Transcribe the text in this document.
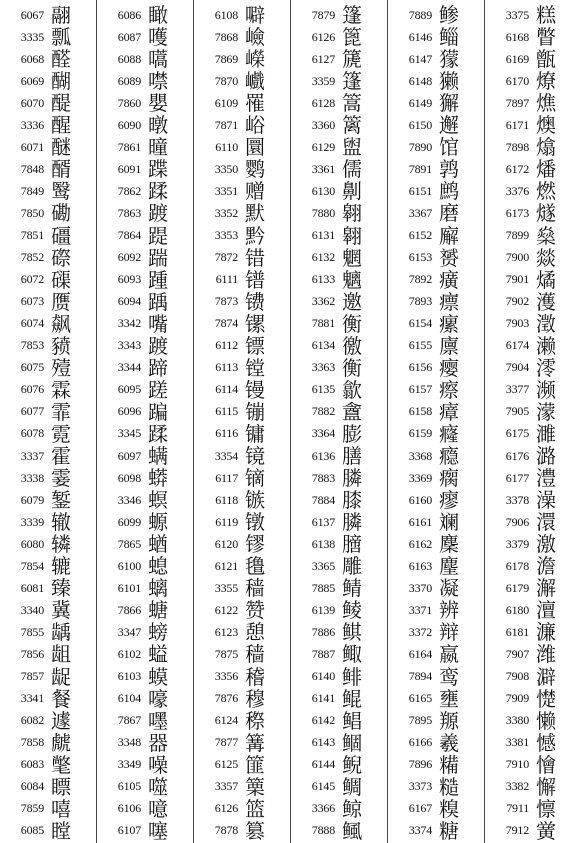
6067 翮
3335 瓢
6068 醛
6069 醐
6070 醍
3336 醒
6071 醚
7848 醑
7849 鹥
7850 磡
7851 礓
7852 磜
6072 磲
6073 赝
6074 飙
7853 豮
6075 殪
6076 霖
6077 霏
6078 霓
3337 霍
3338 霎
6079 錾
3339 辙
6080 辚
7854 辘
6081 臻
3340 冀
7855 龋
7856 龃
7857 龊
3341 餐
6082 遽
7858 虤
6083 氅
6084 瞟
7859 嘻
6085 瞠
6086 瞰
6087 嚄
6088 嚆
6089 噤
7860 嬰
6090 暾
7861 曈
6091 蹀
7862 蹂
7863 踱
7864 踶
6092 踹
6093 踵
6094 踽
3342 嘴
3343 踱
3344 蹄
6095 蹉
6096 蹁
3345 蹂
6097 螨
6098 蟒
3346 螟
6099 螈
7865 蝤
6100 螅
6101 螭
7866 螗
3347 螃
6102 螠
6103 蟆
6104 嚎
7867 嚜
3348 器
3349 噪
6105 噬
6106 噫
6107 噻
6108 噼
7868 嶮
7869 嶸
7870 巇
6109 罹
7871 峪
6110 圜
3350 鹦
3351 赠
3352 默
3353 黔
7872 错
6111 镨
7873 镄
7874 镙
6112 镖
6113 镗
6114 镘
6115 镚
6116 镛
3354 镜
6117 镝
6118 镞
6119 镦
6120 镠
6121 氇
3355 穑
6122 赞
6123 憩
7875 穑
3356 稽
7876 穆
6124 穄
7877 篝
6125 篚
3357 篥
6126 篮
7878 篡
7879 篷
6126 篦
6127 篪
3359 篷
6128 篙
3360 篱
6129 盥
3361 儒
6130 劓
7880 翱
6131 翱
6132 魍
6133 魑
3362 邀
7881 衡
6134 徼
3363 衡
6135 歙
7882 盦
3364 膨
6136 膳
7883 膦
7884 膝
6137 膦
6138 膪
3365 雕
7885 鲭
6139 鲮
7886 鲯
7887 鲰
6140 鲱
6141 鲲
6142 鲳
6143 鲴
6144 鲵
6145 鲷
3366 鲸
7888 鲺
7889 鲹
6146 鲻
6147 獴
6148 獭
6149 獬
6150 邂
7890 馆
7891 鹑
6151 鹧
3367 磨
6152 廨
6153 赟
7892 癀
7893 瘭
6154 瘰
6155 廪
6156 瘿
6157 瘵
6158 瘴
6159 癃
3368 瘾
3369 瘸
6160 瘳
6161 斓
6162 麇
6163 麈
3370 凝
3371 辨
3372 辩
6164 嬴
7894 鸾
6165 壅
7895 羱
6166 羲
7896 糒
3373 糙
6167 糗
3374 糖
3375 糕
6168 瞥
6169 甑
6170 燎
7897 燋
6171 燠
7898 熻
6172 燔
3376 燃
6173 燧
7899 燊
7900 燚
7901 燏
7902 濩
7903 澂
6174 濑
7904 澪
3377 濒
7905 濛
6175 濉
6176 潞
6177 澧
3378 澡
7906 澴
3379 激
6178 澹
6179 澥
6180 澶
6181 濂
7907 潍
7908 澼
7909 憷
3380 懒
3381 憾
7910 懀
3382 懈
7911 懔
7912 黉
